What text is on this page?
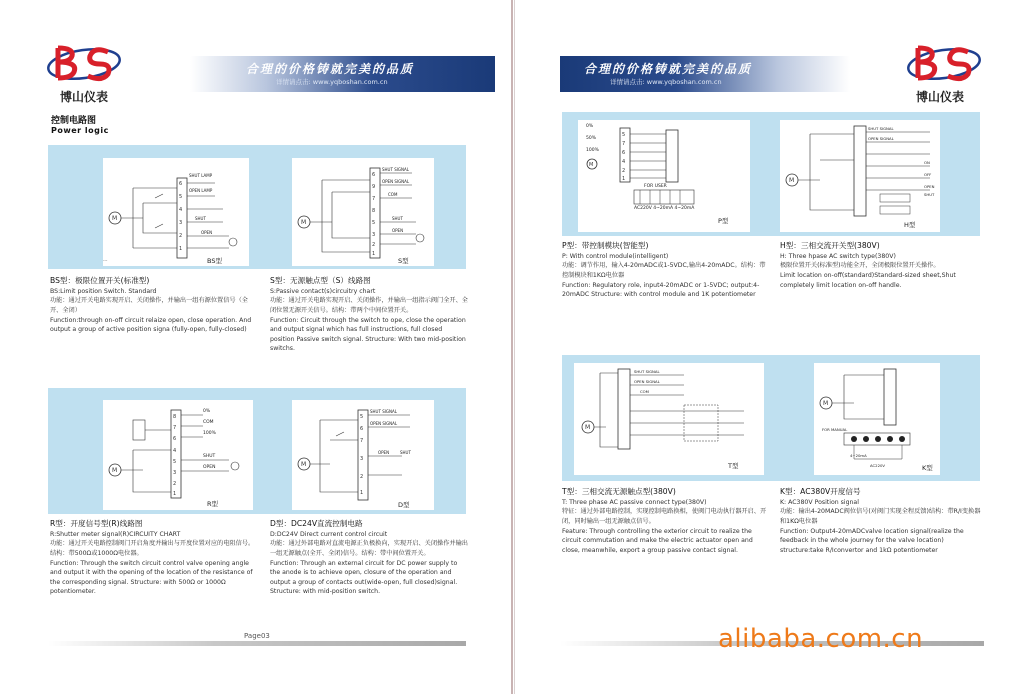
博山仪表
合理的价格铸就完美的品质
详情请点击: www.yqboshan.com.cn
控制电路图
Power logic
6
5
4
3
2
1
M
---
SHUT LAMP
OPEN LAMP
SHUT
OPEN
BS型
6
9
7
8
5
3
2
1
M
SHUT SIGNAL
OPEN SIGNAL
COM
SHUT
OPEN
S型
BS型：极限位置开关(标准型)
BS:Limit position Switch. Standard
功能：通过开关电路实现开启、关闭操作，并输出一组有源位置信号（全开、全闭）
Function:through on-off circuit relaize open, close operation. And output a group of active position signa (fully-open, fully-closed)
S型：无源触点型（S）线路图
S:Passive contact(s)circuitry chart
功能：通过开关电路实现开启、关闭操作，并输出一组指示阀门全开、全闭位置无源开关信号。结构：带两个中间位置开关。
Function: Circuit through the switch to ope, close the operation and output signal which has full instructions, full closed position Passive switch signal. Structure: With two mid-position switchs.
8
7
6
4
5
3
2
1
M
0%
COM
100%
SHUT
OPEN
R型
5
6
7
3
2
1
M
SHUT SIGNAL
OPEN SIGNAL
OPEN	SHUT
D型
R型：开度信号型(R)线路图
R:Shutter meter signal(R)CIRCUITY CHART
功能：通过开关电路控制阀门开启角度并输出与开度位置对应的电阻信号。结构：带500Ω或1000Ω电位器。
Function: Through the switch circuit control valve opening angle and output it with the opening of the location of the resistance of the corresponding signal. Structure: with 500Ω or 1000Ω potentiometer.
D型：DC24V直流控制电路
D:DC24V Direct current control circuit
功能：通过外部电路对直流电源正负极换向，实现开启、关闭操作并输出一组无源触点(全开、全闭)信号。结构：带中间位置开关。
Function: Through an external circuit for DC power supply to the anode is to achieve open, closure of the operation and output a group of contacts out(wide-open, full closed)signal. Structure: with mid-position switch.
Page03
合理的价格铸就完美的品质
详情请点击: www.yqboshan.com.cn
博山仪表
5
7
6
4
2
1
M
0%
50%
100%
FOR USER
AC220V 4~20mA 4~20mA
P型
M
SHUT SIGNAL
OPEN SIGNAL
ON
OFF
OPEN
SHUT
H型
P型：带控制模块(智能型)
P: With control module(intelligent)
功能：调节作用，输入4-20mADC或1-5VDC,输出4-20mADC。结构：带控制模块和1KΩ电位器
Function: Regulatory role, input4-20mADC or 1-5VDC; output:4-20mADC Structure: with control module and 1K potentiometer
H型：三相交流开关型(380V)
H: Three hpase AC switch type(380V)
极限位置开关(标准型)功能全开，全闭极限位置开关操作。
Limit location on-off(standard)Standard-sized sheet,Shut completely limit location on-off handle.
M
SHUT SIGNAL
OPEN SIGNAL
COM
T型
M
FOR MANUAL
4~20mA
AC220V	K型
T型：三相交流无源触点型(380V)
T: Three phase AC passive connect type(380V)
特征：通过外部电路控制，实现控制电路换相，使阀门电动执行器开启、开闭，同时输出一组无源触点信号。
Feature: Through controlling the exterior circuit to realize the circuit commutation and make the electric actuator open and close, meanwhile, export a group passive contact signal.
K型：AC380V开度信号
K: AC380V Position signal
功能：输出4-20MADC阀位信号(对阀门实现全程反馈)结构：带R/I变换器和1KΩ电位器
Function: Output4-20mADCvalve location signal(realize the feedback in the whole journey for the valve location) structure:take R/Iconvertor and 1kΩ potentiometer
alibaba.com.cn
